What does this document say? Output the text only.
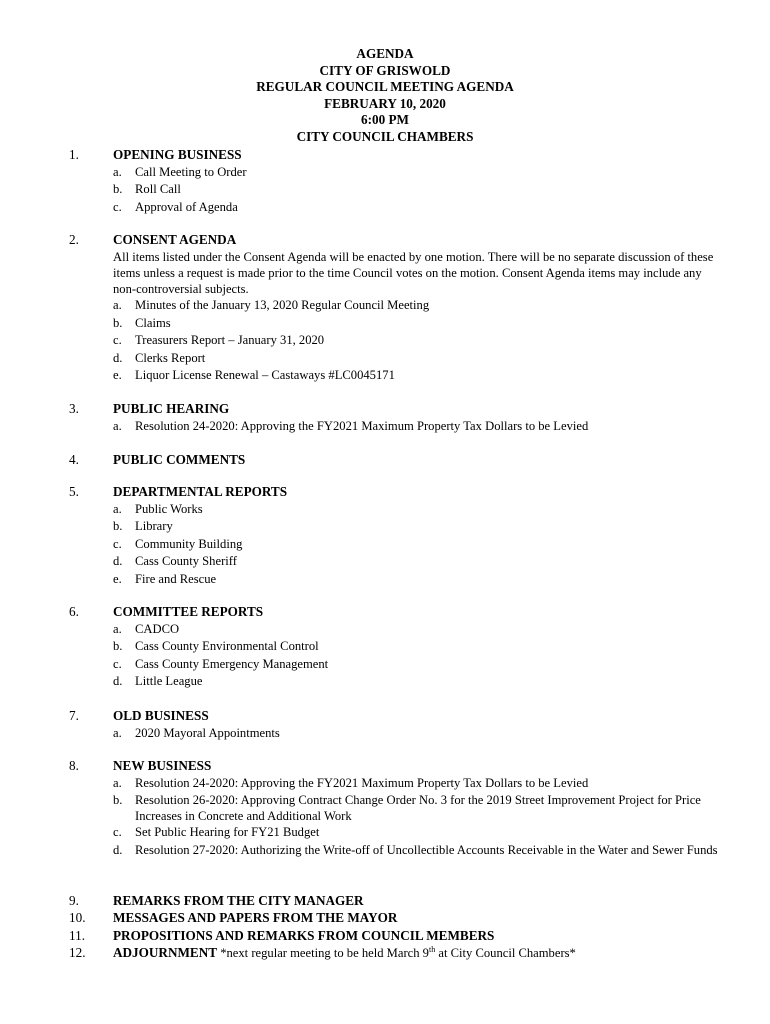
AGENDA
CITY OF GRISWOLD
REGULAR COUNCIL MEETING AGENDA
FEBRUARY 10, 2020
6:00 PM
CITY COUNCIL CHAMBERS
1.	OPENING BUSINESS
a. Call Meeting to Order
b. Roll Call
c. Approval of Agenda
2.	CONSENT AGENDA

All items listed under the Consent Agenda will be enacted by one motion. There will be no separate discussion of these items unless a request is made prior to the time Council votes on the motion. Consent Agenda items may include any non-controversial subjects.

a. Minutes of the January 13, 2020 Regular Council Meeting
b. Claims
c. Treasurers Report – January 31, 2020
d. Clerks Report
e. Liquor License Renewal – Castaways #LC0045171
3.	PUBLIC HEARING
a. Resolution 24-2020: Approving the FY2021 Maximum Property Tax Dollars to be Levied
4.	PUBLIC COMMENTS
5.	DEPARTMENTAL REPORTS
a. Public Works
b. Library
c. Community Building
d. Cass County Sheriff
e. Fire and Rescue
6.	COMMITTEE REPORTS
a. CADCO
b. Cass County Environmental Control
c. Cass County Emergency Management
d. Little League
7.	OLD BUSINESS
a. 2020 Mayoral Appointments
8.	NEW BUSINESS
a. Resolution 24-2020: Approving the FY2021 Maximum Property Tax Dollars to be Levied
b. Resolution 26-2020: Approving Contract Change Order No. 3 for the 2019 Street Improvement Project for Price Increases in Concrete and Additional Work
c. Set Public Hearing for FY21 Budget
d. Resolution 27-2020: Authorizing the Write-off of Uncollectible Accounts Receivable in the Water and Sewer Funds
9.	REMARKS FROM THE CITY MANAGER
10. MESSAGES AND PAPERS FROM THE MAYOR
11. PROPOSITIONS AND REMARKS FROM COUNCIL MEMBERS
12. ADJOURNMENT *next regular meeting to be held March 9th at City Council Chambers*
